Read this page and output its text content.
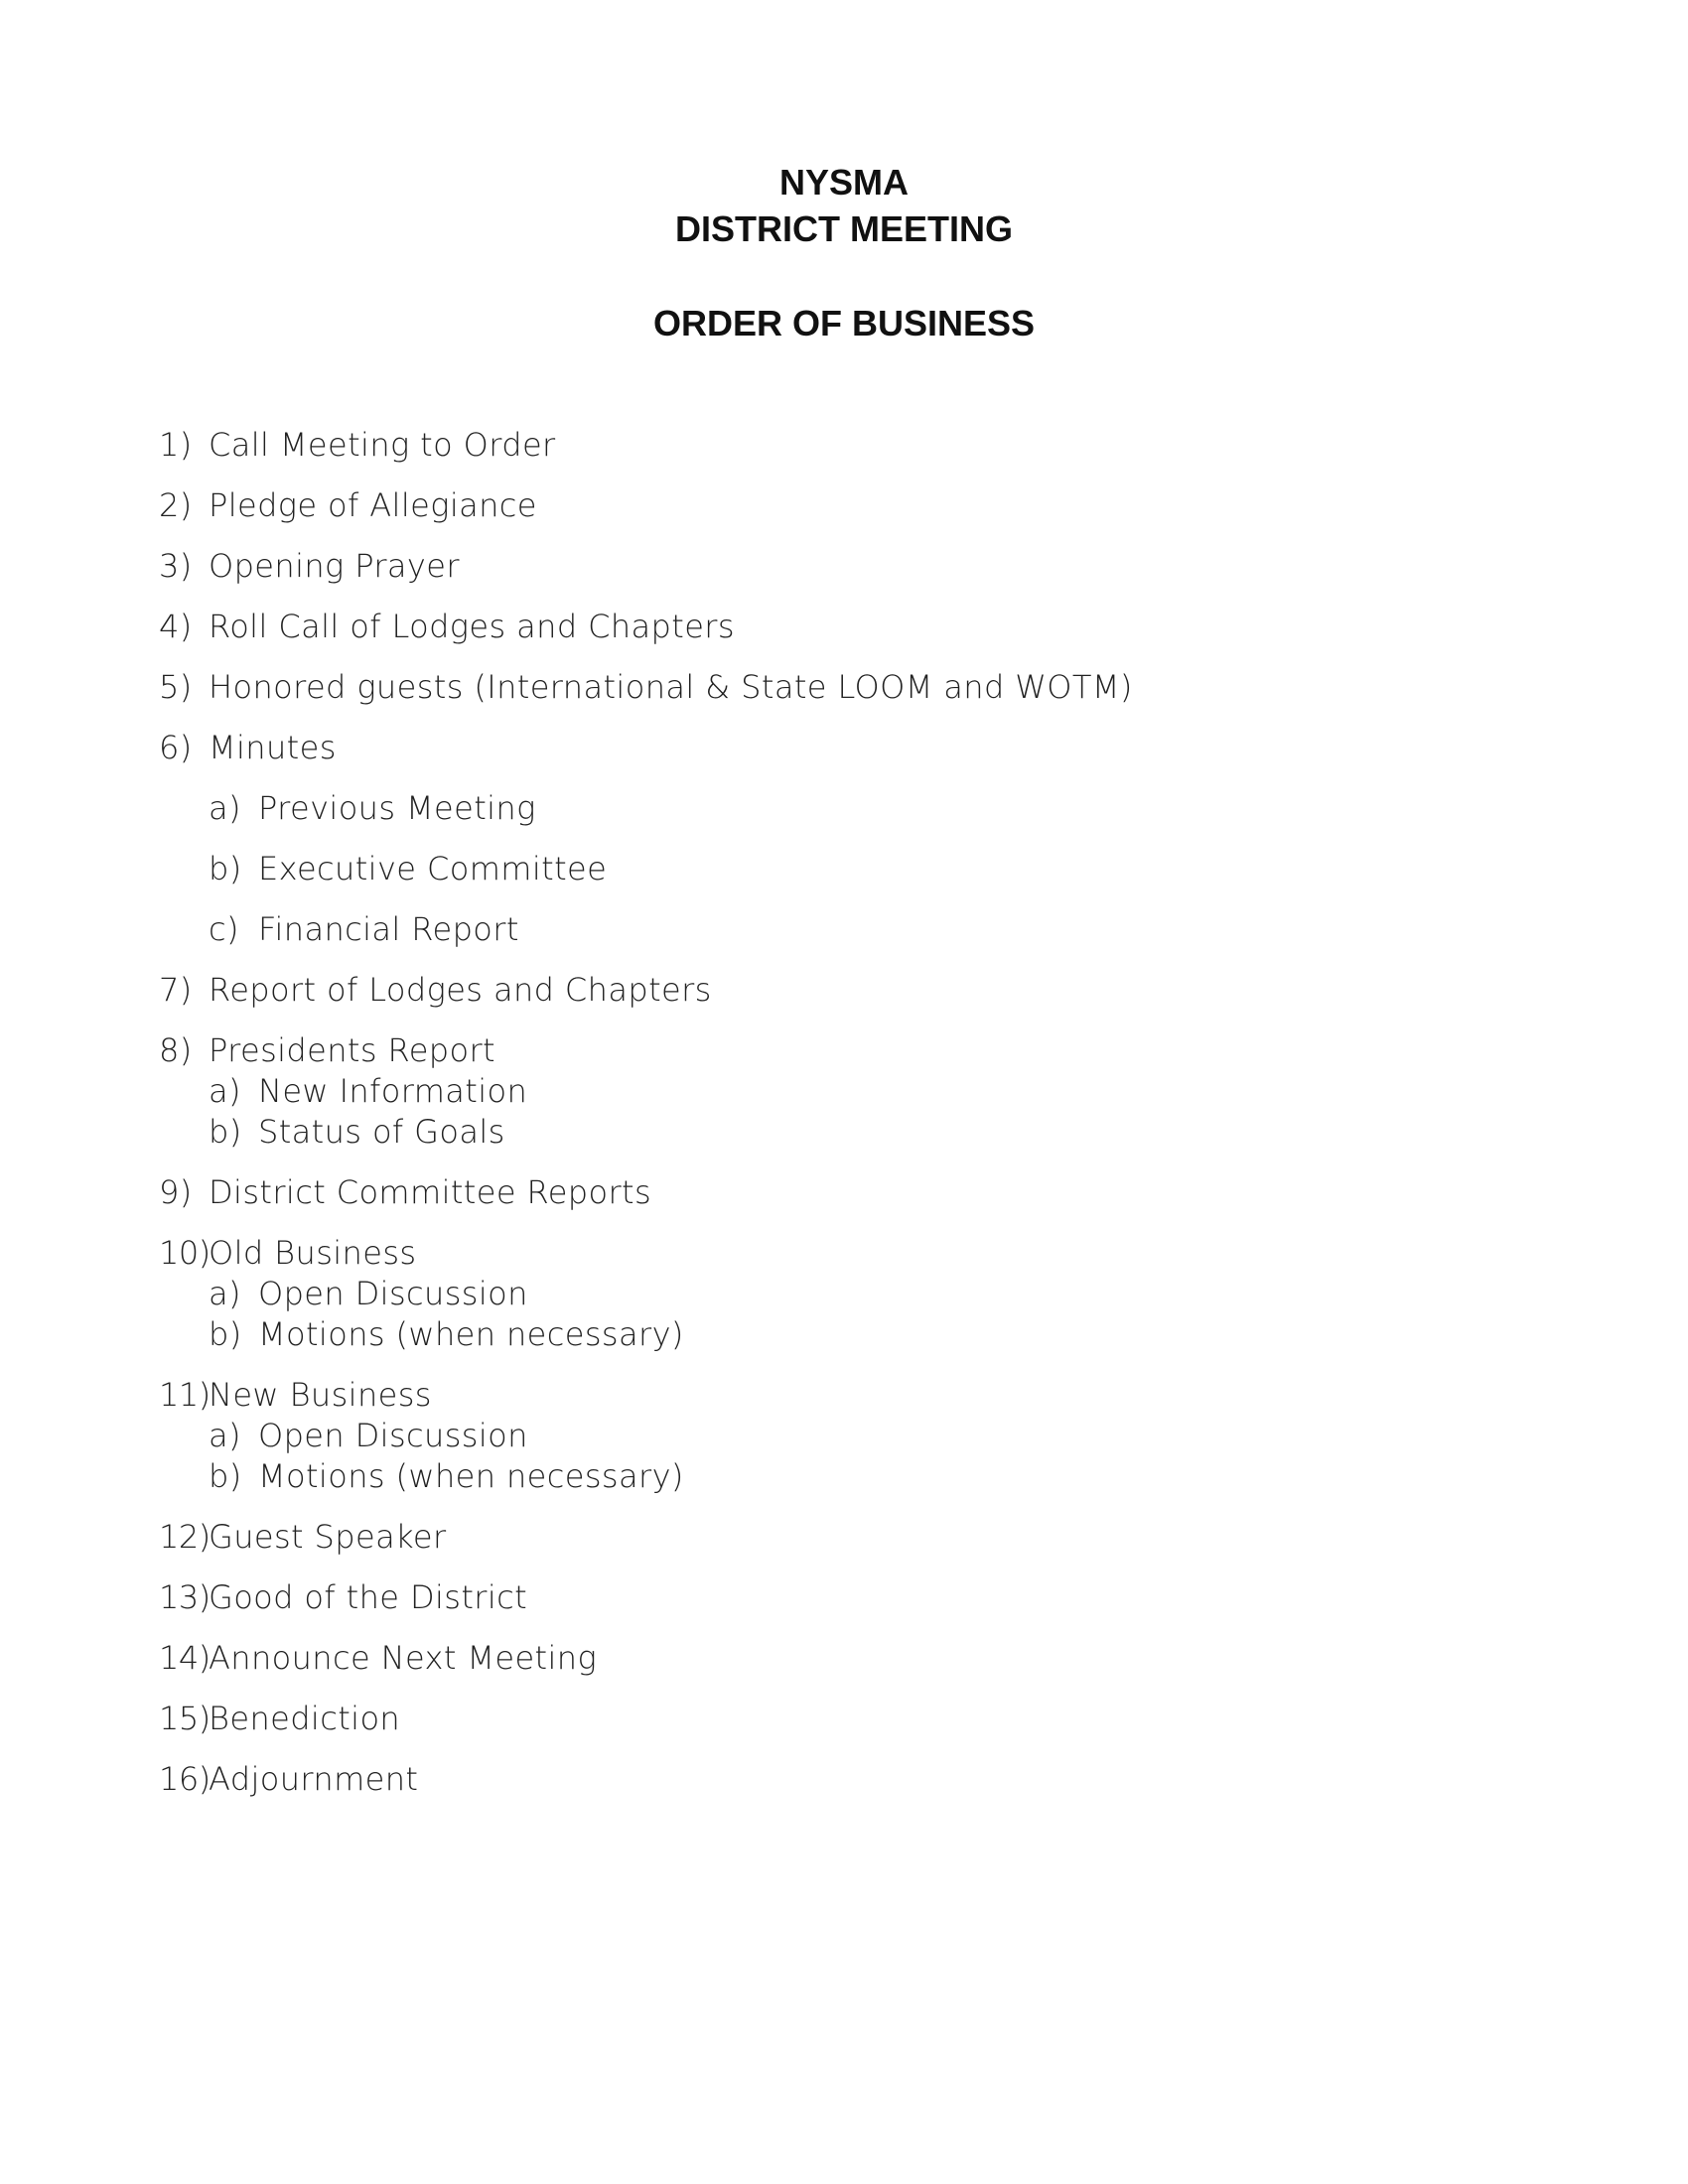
NYSMA
DISTRICT MEETING
ORDER OF BUSINESS
1) Call Meeting to Order
2) Pledge of Allegiance
3) Opening Prayer
4) Roll Call of Lodges and Chapters
5) Honored guests (International & State LOOM and WOTM)
6) Minutes
a) Previous Meeting
b) Executive Committee
c) Financial Report
7) Report of Lodges and Chapters
8) Presidents Report
a) New Information
b) Status of Goals
9) District Committee Reports
10)
Old Business
a) Open Discussion
b) Motions (when necessary)
11)
New Business
a) Open Discussion
b) Motions (when necessary)
12)
Guest Speaker
13)
Good of the District
14)
Announce Next Meeting
15)
Benediction
16)
Adjournment
